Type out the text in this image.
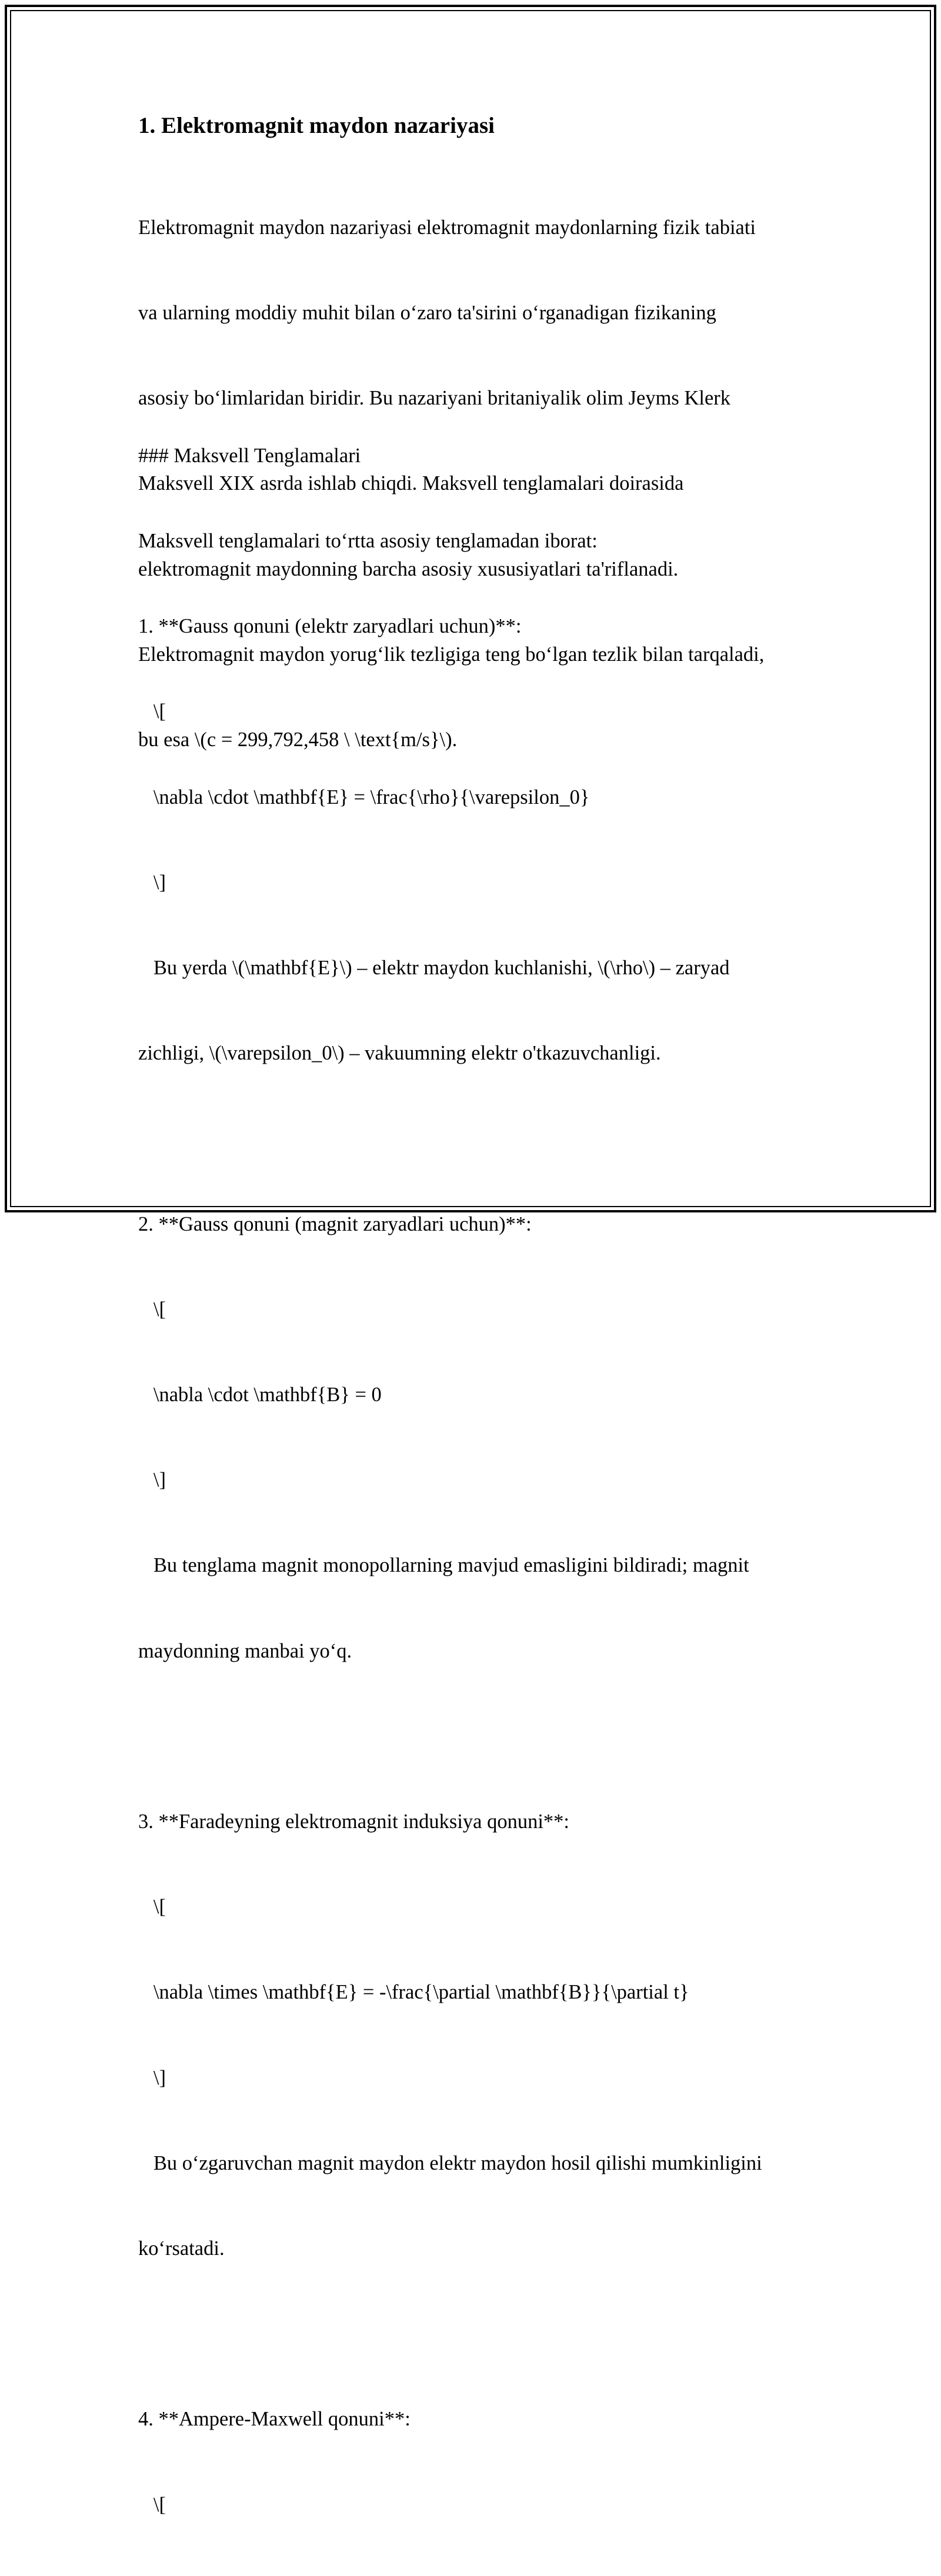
1. Elektromagnit maydon nazariyasi

Elektromagnit maydon nazariyasi elektromagnit maydonlarning fizik tabiati

va ularning moddiy muhit bilan o‘zaro ta'sirini o‘rganadigan fizikaning

asosiy bo‘limlaridan biridir. Bu nazariyani britaniyalik olim Jeyms Klerk

Maksvell XIX asrda ishlab chiqdi. Maksvell tenglamalari doirasida

elektromagnit maydonning barcha asosiy xususiyatlari ta'riflanadi.

Elektromagnit maydon yorug‘lik tezligiga teng bo‘lgan tezlik bilan tarqaladi,

bu esa \(c = 299,792,458 \ \text{m/s}\).

### Maksvell Tenglamalari

Maksvell tenglamalari to‘rtta asosiy tenglamadan iborat:

1. **Gauss qonuni (elektr zaryadlari uchun)**:

\[

\nabla \cdot \mathbf{E} = \frac{\rho}{\varepsilon_0}

\]

Bu yerda \(\mathbf{E}\) – elektr maydon kuchlanishi, \(\rho\) – zaryad

zichligi, \(\varepsilon_0\) – vakuumning elektr o'tkazuvchanligi.

2. **Gauss qonuni (magnit zaryadlari uchun)**:

\[

\nabla \cdot \mathbf{B} = 0

\]

Bu tenglama magnit monopollarning mavjud emasligini bildiradi; magnit

maydonning manbai yo‘q.

3. **Faradeyning elektromagnit induksiya qonuni**:

\[

\nabla \times \mathbf{E} = -\frac{\partial \mathbf{B}}{\partial t}

\]

Bu o‘zgaruvchan magnit maydon elektr maydon hosil qilishi mumkinligini

ko‘rsatadi.

4. **Ampere-Maxwell qonuni**:

\[
